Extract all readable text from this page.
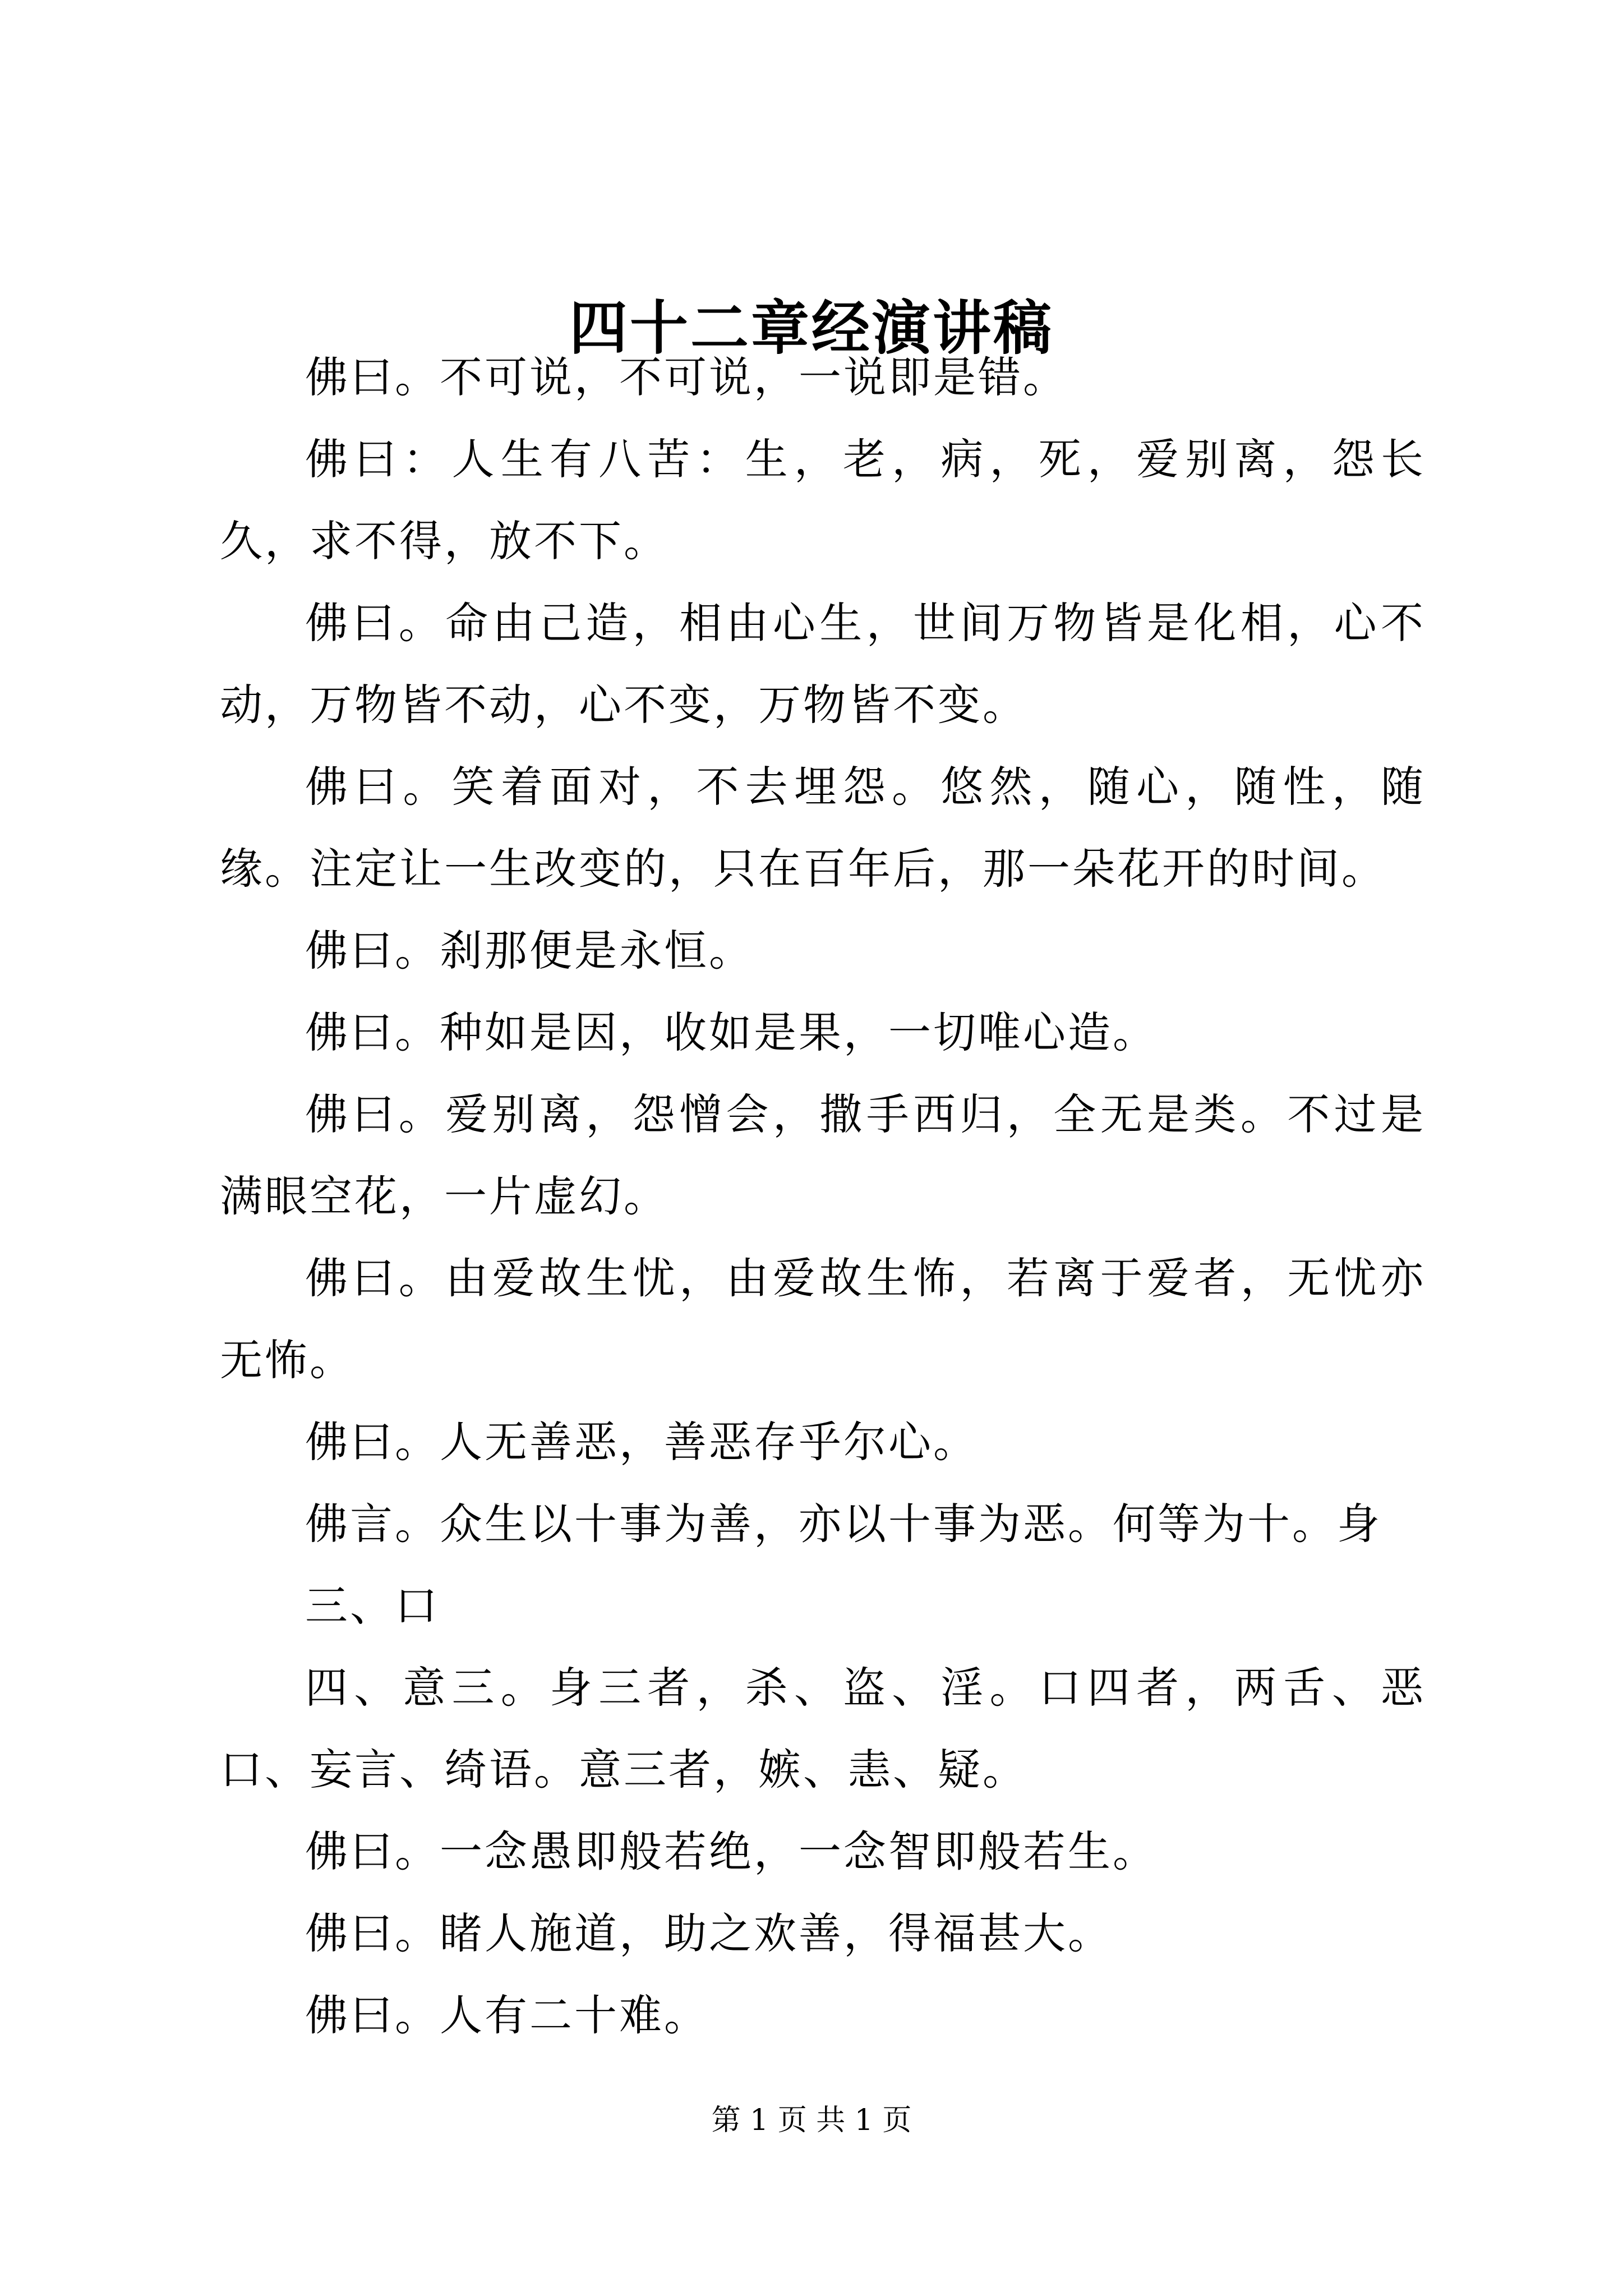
四十二章经演讲稿

佛曰。不可说，不可说，一说即是错。

佛曰：人生有八苦：生，老，病，死，爱别离，怨长久，求不得，放不下。

佛曰。命由己造，相由心生，世间万物皆是化相，心不动，万物皆不动，心不变，万物皆不变。

佛曰。笑着面对，不去埋怨。悠然，随心，随性，随缘。注定让一生改变的，只在百年后，那一朵花开的时间。

佛曰。刹那便是永恒。

佛曰。种如是因，收如是果，一切唯心造。

佛曰。爱别离，怨憎会，撒手西归，全无是类。不过是满眼空花，一片虚幻。

佛曰。由爱故生忧，由爱故生怖，若离于爱者，无忧亦无怖。

佛曰。人无善恶，善恶存乎尔心。

佛言。众生以十事为善，亦以十事为恶。何等为十。身

三、口

四、意三。身三者，杀、盗、淫。口四者，两舌、恶口、妄言、绮语。意三者，嫉、恚、疑。

佛曰。一念愚即般若绝，一念智即般若生。

佛曰。睹人施道，助之欢善，得福甚大。

佛曰。人有二十难。

第 1 页 共 1 页
